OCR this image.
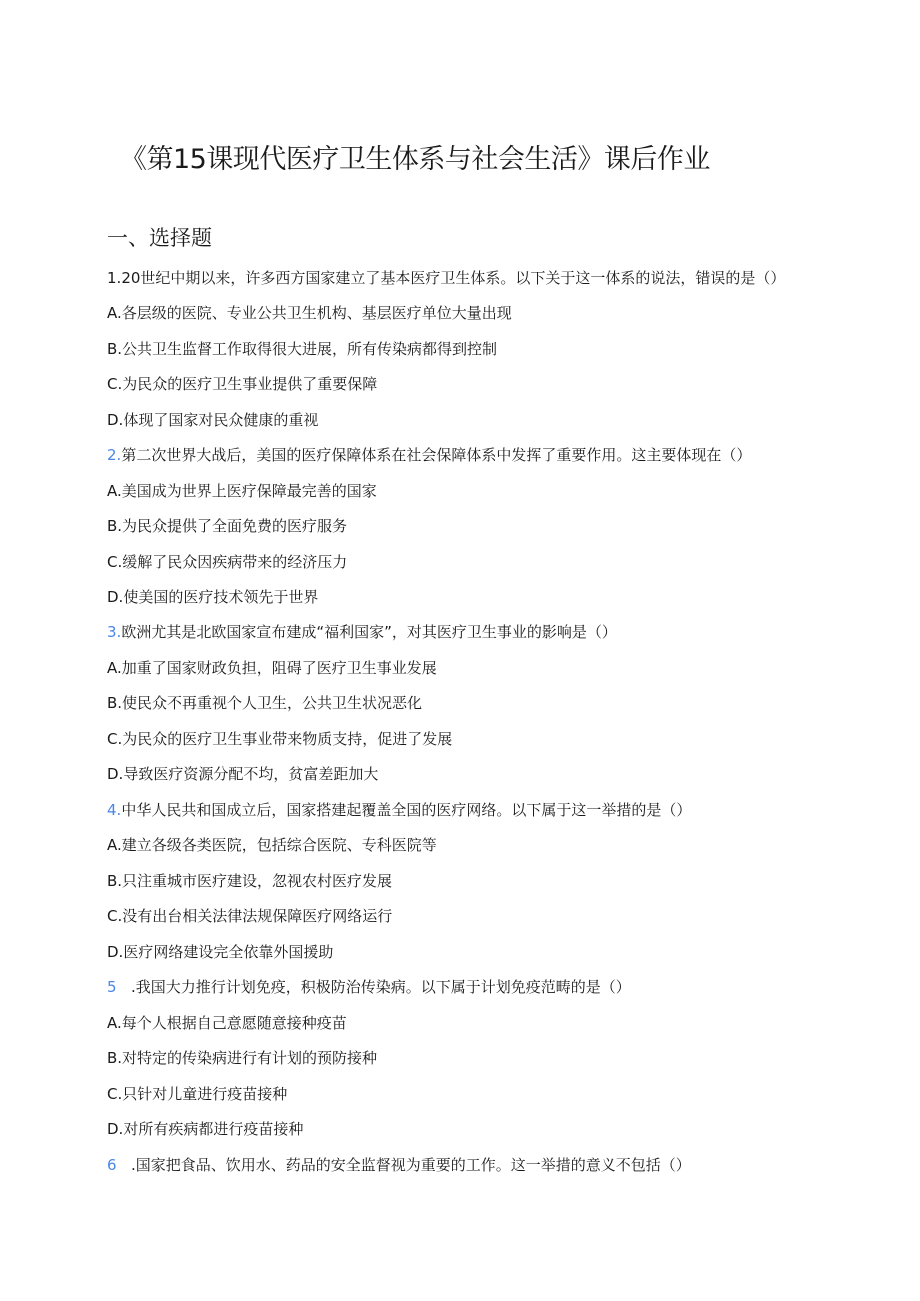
《第15课现代医疗卫生体系与社会生活》课后作业
一、选择题
1.20世纪中期以来，许多西方国家建立了基本医疗卫生体系。以下关于这一体系的说法，错误的是（）
A.各层级的医院、专业公共卫生机构、基层医疗单位大量出现
B.公共卫生监督工作取得很大进展，所有传染病都得到控制
C.为民众的医疗卫生事业提供了重要保障
D.体现了国家对民众健康的重视
2.第二次世界大战后，美国的医疗保障体系在社会保障体系中发挥了重要作用。这主要体现在（）
A.美国成为世界上医疗保障最完善的国家
B.为民众提供了全面免费的医疗服务
C.缓解了民众因疾病带来的经济压力
D.使美国的医疗技术领先于世界
3.欧洲尤其是北欧国家宣布建成“福利国家”，对其医疗卫生事业的影响是（）
A.加重了国家财政负担，阻碍了医疗卫生事业发展
B.使民众不再重视个人卫生，公共卫生状况恶化
C.为民众的医疗卫生事业带来物质支持，促进了发展
D.导致医疗资源分配不均，贫富差距加大
4.中华人民共和国成立后，国家搭建起覆盖全国的医疗网络。以下属于这一举措的是（）
A.建立各级各类医院，包括综合医院、专科医院等
B.只注重城市医疗建设，忽视农村医疗发展
C.没有出台相关法律法规保障医疗网络运行
D.医疗网络建设完全依靠外国援助
5 .我国大力推行计划免疫，积极防治传染病。以下属于计划免疫范畴的是（）
A.每个人根据自己意愿随意接种疫苗
B.对特定的传染病进行有计划的预防接种
C.只针对儿童进行疫苗接种
D.对所有疾病都进行疫苗接种
6 .国家把食品、饮用水、药品的安全监督视为重要的工作。这一举措的意义不包括（）
